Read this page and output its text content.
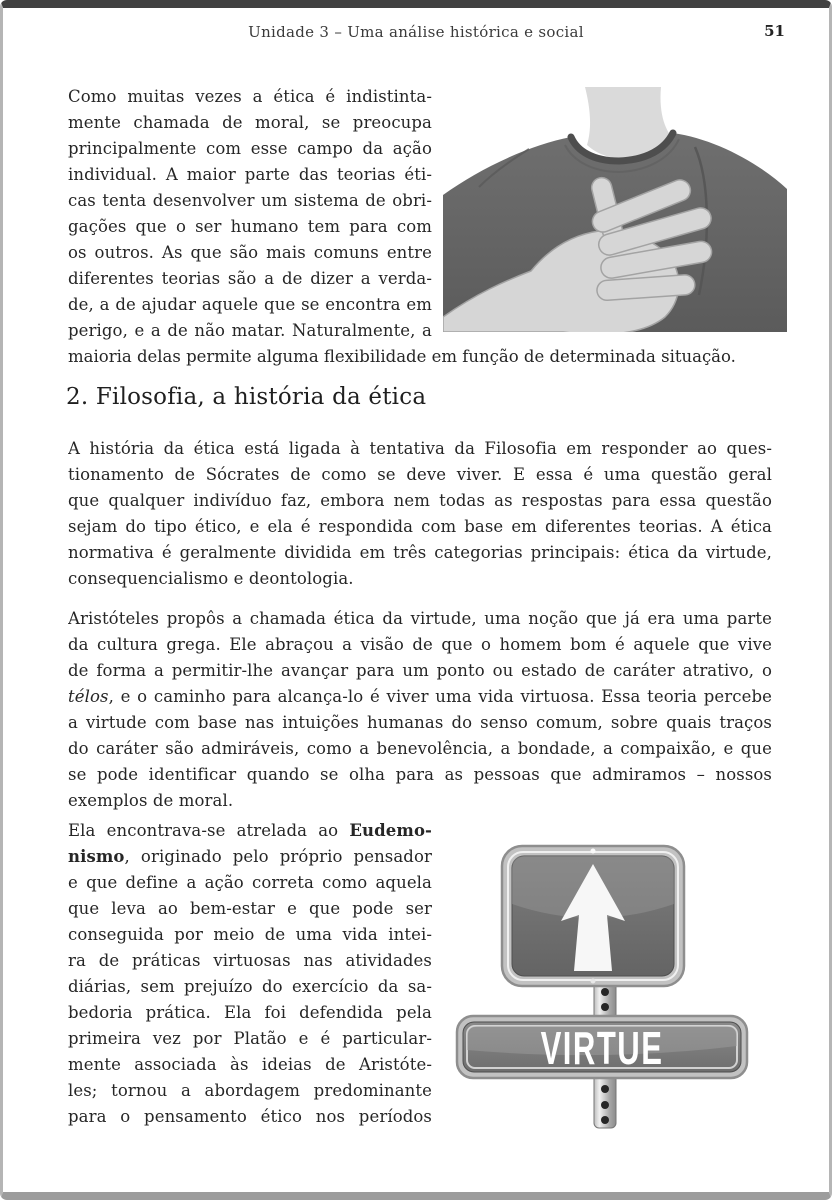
Unidade 3 – Uma análise histórica e social	51
Como muitas vezes a ética é indistinta-
mente chamada de moral, se preocupa
principalmente com esse campo da ação
individual. A maior parte das teorias éti-
cas tenta desenvolver um sistema de obri-
gações que o ser humano tem para com
os outros. As que são mais comuns entre
diferentes teorias são a de dizer a verda-
de, a de ajudar aquele que se encontra em
perigo, e a de não matar. Naturalmente, a
maioria delas permite alguma flexibilidade em função de determinada situação.
2. Filosofia, a história da ética
A história da ética está ligada à tentativa da Filosofia em responder ao ques-
tionamento de Sócrates de como se deve viver. E essa é uma questão geral
que qualquer indivíduo faz, embora nem todas as respostas para essa questão
sejam do tipo ético, e ela é respondida com base em diferentes teorias. A ética
normativa é geralmente dividida em três categorias principais: ética da virtude,
consequencialismo e deontologia.
Aristóteles propôs a chamada ética da virtude, uma noção que já era uma parte
da cultura grega. Ele abraçou a visão de que o homem bom é aquele que vive
de forma a permitir-lhe avançar para um ponto ou estado de caráter atrativo, o
télos, e o caminho para alcança-lo é viver uma vida virtuosa. Essa teoria percebe
a virtude com base nas intuições humanas do senso comum, sobre quais traços
do caráter são admiráveis, como a benevolência, a bondade, a compaixão, e que
se pode identificar quando se olha para as pessoas que admiramos – nossos
exemplos de moral.
Ela encontrava-se atrelada ao Eudemo-
nismo, originado pelo próprio pensador
e que define a ação correta como aquela
que leva ao bem-estar e que pode ser
conseguida por meio de uma vida intei-
ra de práticas virtuosas nas atividades
diárias, sem prejuízo do exercício da sa-
bedoria prática. Ela foi defendida pela
primeira vez por Platão e é particular-
mente associada às ideias de Aristóte-
les; tornou a abordagem predominante
para o pensamento ético nos períodos
VIRTUE
